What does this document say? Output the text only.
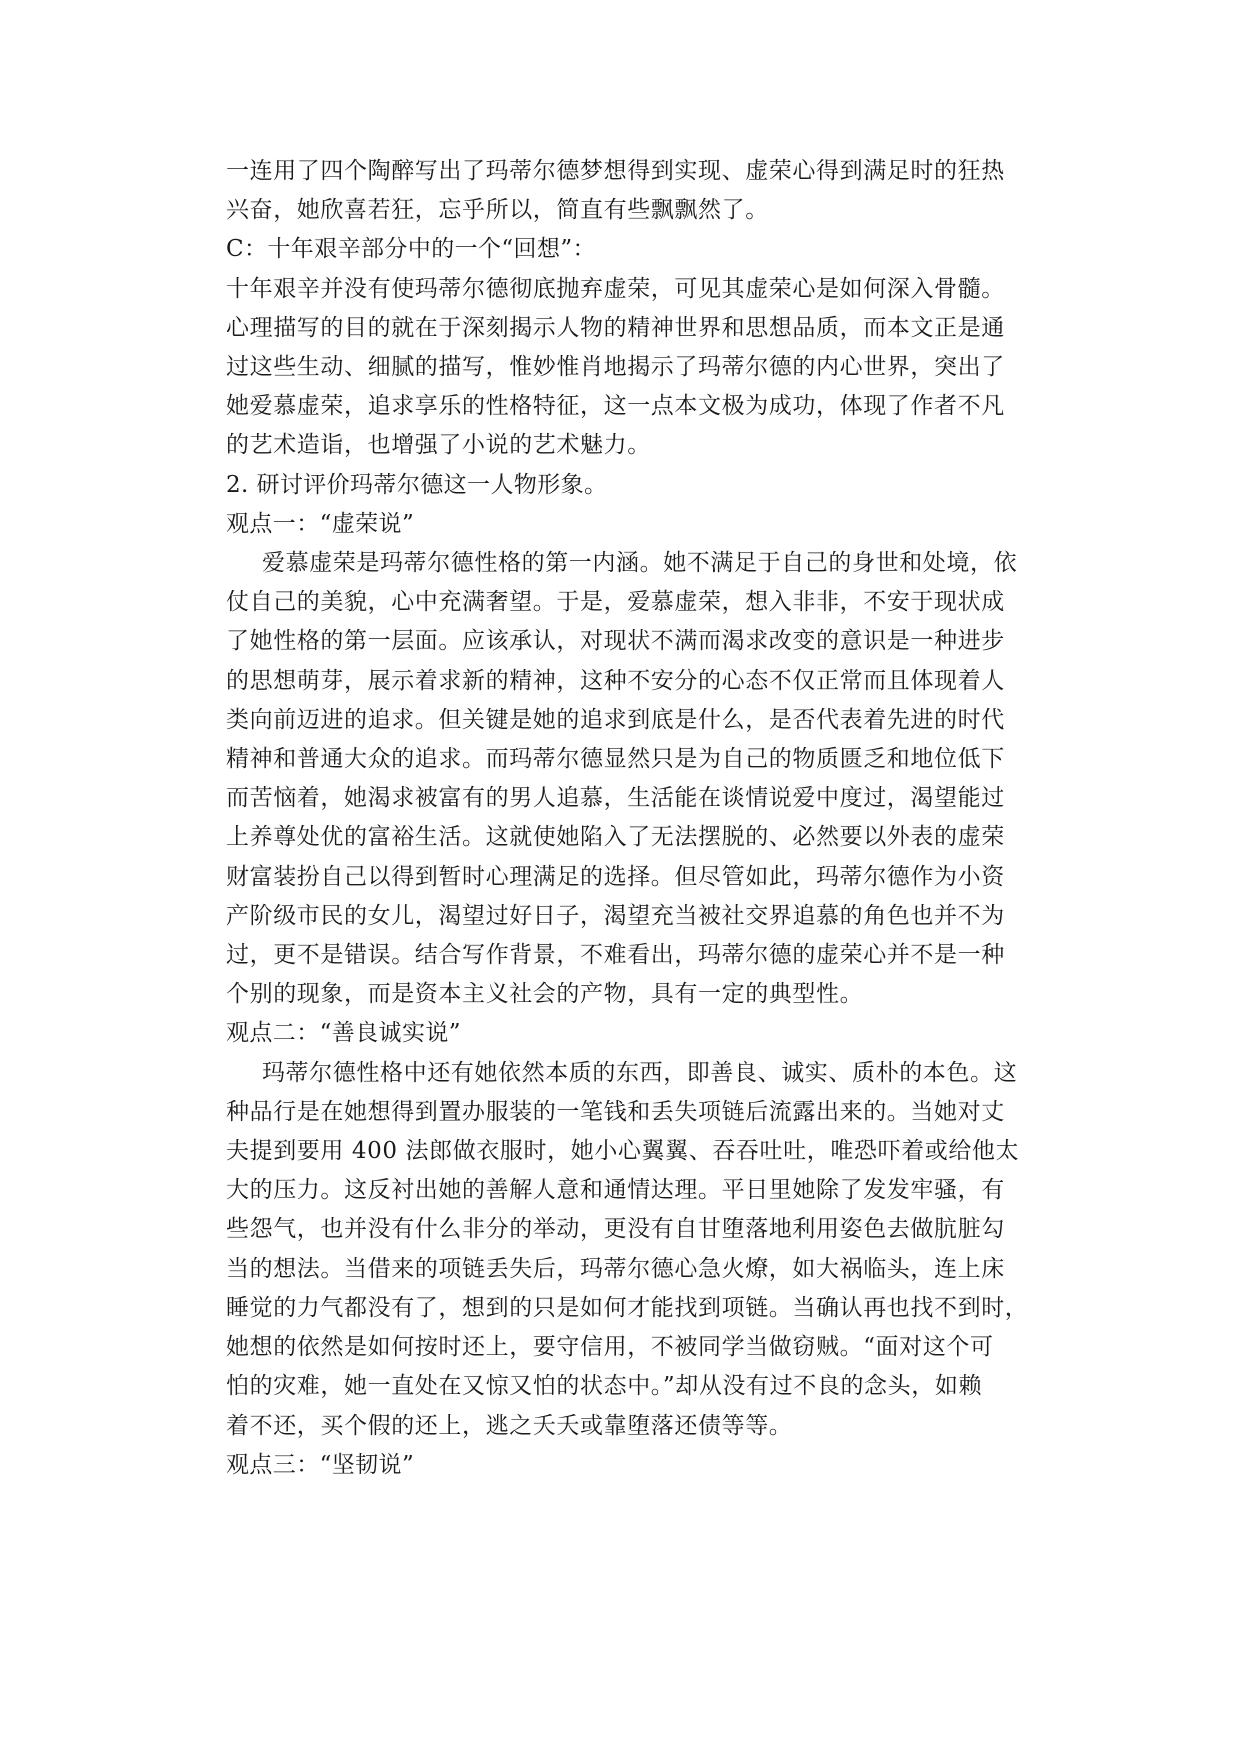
一连用了四个陶醉写出了玛蒂尔德梦想得到实现、虚荣心得到满足时的狂热
兴奋，她欣喜若狂，忘乎所以，简直有些飘飘然了。
C：十年艰辛部分中的一个“回想”：
十年艰辛并没有使玛蒂尔德彻底抛弃虚荣，可见其虚荣心是如何深入骨髓。
心理描写的目的就在于深刻揭示人物的精神世界和思想品质，而本文正是通
过这些生动、细腻的描写，惟妙惟肖地揭示了玛蒂尔德的内心世界，突出了
她爱慕虚荣，追求享乐的性格特征，这一点本文极为成功，体现了作者不凡
的艺术造诣，也增强了小说的艺术魅力。
2. 研讨评价玛蒂尔德这一人物形象。
观点一：“虚荣说”
爱慕虚荣是玛蒂尔德性格的第一内涵。她不满足于自己的身世和处境，依
仗自己的美貌，心中充满奢望。于是，爱慕虚荣，想入非非，不安于现状成
了她性格的第一层面。应该承认，对现状不满而渴求改变的意识是一种进步
的思想萌芽，展示着求新的精神，这种不安分的心态不仅正常而且体现着人
类向前迈进的追求。但关键是她的追求到底是什么，是否代表着先进的时代
精神和普通大众的追求。而玛蒂尔德显然只是为自己的物质匮乏和地位低下
而苦恼着，她渴求被富有的男人追慕，生活能在谈情说爱中度过，渴望能过
上养尊处优的富裕生活。这就使她陷入了无法摆脱的、必然要以外表的虚荣
财富装扮自己以得到暂时心理满足的选择。但尽管如此，玛蒂尔德作为小资
产阶级市民的女儿，渴望过好日子，渴望充当被社交界追慕的角色也并不为
过，更不是错误。结合写作背景，不难看出，玛蒂尔德的虚荣心并不是一种
个别的现象，而是资本主义社会的产物，具有一定的典型性。
观点二：“善良诚实说”
玛蒂尔德性格中还有她依然本质的东西，即善良、诚实、质朴的本色。这
种品行是在她想得到置办服装的一笔钱和丢失项链后流露出来的。当她对丈
夫提到要用 400 法郎做衣服时，她小心翼翼、吞吞吐吐，唯恐吓着或给他太
大的压力。这反衬出她的善解人意和通情达理。平日里她除了发发牢骚，有
些怨气，也并没有什么非分的举动，更没有自甘堕落地利用姿色去做肮脏勾
当的想法。当借来的项链丢失后，玛蒂尔德心急火燎，如大祸临头，连上床
睡觉的力气都没有了，想到的只是如何才能找到项链。当确认再也找不到时，
她想的依然是如何按时还上，要守信用，不被同学当做窃贼。“面对这个可
怕的灾难，她一直处在又惊又怕的状态中。”却从没有过不良的念头，如赖
着不还，买个假的还上，逃之夭夭或靠堕落还债等等。
观点三：“坚韧说”
